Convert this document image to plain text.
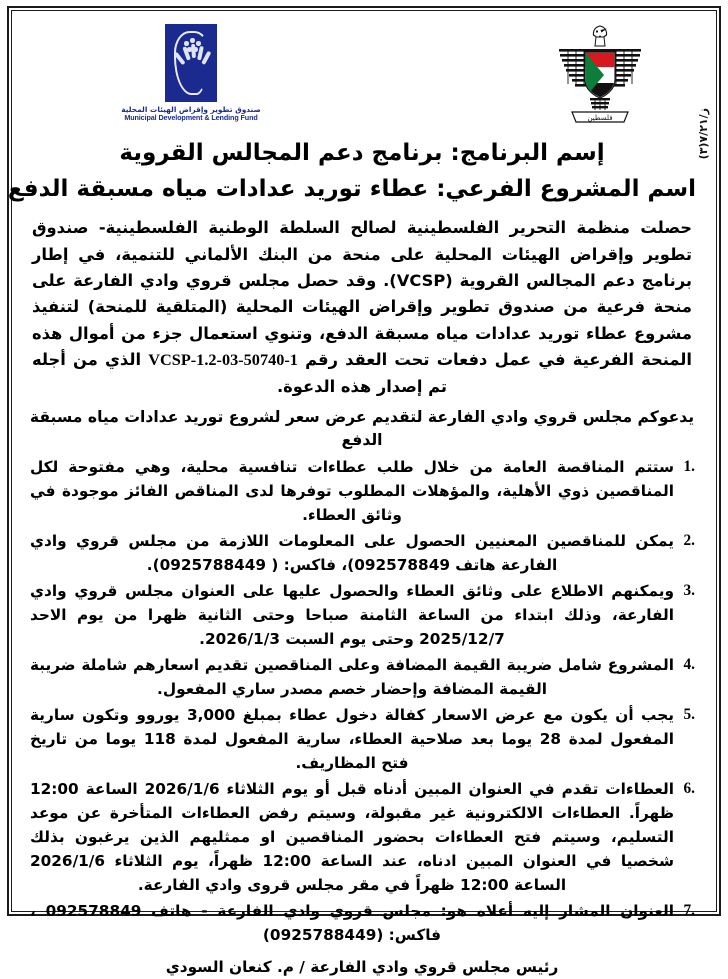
صندوق تطوير وإقراض الهيئات المحلية
Municipal Development & Lending Fund	فلسطين
ز/٧/٢١(٣)
إسم البرنامج: برنامج دعم المجالس القروية
اسم المشروع الفرعي: عطاء توريد عدادات مياه مسبقة الدفع

حصلت منظمة التحرير الفلسطينية لصالح السلطة الوطنية الفلسطينية- صندوق تطوير وإقراض الهيئات المحلية على منحة من البنك الألماني للتنمية، في إطار برنامج دعم المجالس القروية (VCSP). وقد حصل مجلس قروي وادي الفارعة على منحة فرعية من صندوق تطوير وإقراض الهيئات المحلية (المتلقية للمنحة) لتنفيذ مشروع عطاء توريد عدادات مياه مسبقة الدفع، وتنوي استعمال جزء من أموال هذه المنحة الفرعية في عمل دفعات تحت العقد رقم VCSP-1.2-03-50740-1 الذي من أجله تم إصدار هذه الدعوة.

يدعوكم مجلس قروي وادي الفارعة لتقديم عرض سعر لشروع توريد عدادات مياه مسبقة الدفع

ستتم المناقصة العامة من خلال طلب عطاءات تنافسية محلية، وهي مفتوحة لكل المناقصين ذوي الأهلية، والمؤهلات المطلوب توفرها لدى المناقص الفائز موجودة في وثائق العطاء.
يمكن للمناقصين المعنيين الحصول على المعلومات اللازمة من مجلس قروي وادي الفارعة هاتف 092578849)، فاكس: ( 0925788449).
ويمكنهم الاطلاع على وثائق العطاء والحصول عليها على العنوان مجلس قروي وادي الفارعة، وذلك ابتداء من الساعة الثامنة صباحا وحتى الثانية ظهرا من يوم الاحد 2025/12/7 وحتى يوم السبت 2026/1/3.
المشروع شامل ضريبة القيمة المضافة وعلى المناقصين تقديم اسعارهم شاملة ضريبة القيمة المضافة وإحضار خصم مصدر ساري المفعول.
يجب أن يكون مع عرض الاسعار كفالة دخول عطاء بمبلغ 3,000 يوروو وتكون سارية المفعول لمدة 28 يوما بعد صلاحية العطاء، سارية المفعول لمدة 118 يوما من تاريخ فتح المظاريف.
العطاءات تقدم في العنوان المبين أدناه قبل أو يوم الثلاثاء 2026/1/6 الساعة 12:00 ظهراً. العطاءات الالكترونية غير مقبولة، وسيتم رفض العطاءات المتأخرة عن موعد التسليم، وسيتم فتح العطاءات بحضور المناقصين او ممثليهم الذين يرغبون بذلك شخصيا في العنوان المبين ادناه، عند الساعة 12:00 ظهراً، يوم الثلاثاء 2026/1/6 الساعة 12:00 ظهراً في مقر مجلس قروى وادي الفارعة.
العنوان المشار إليه أعلاه هو: مجلس قروي وادي الفارعة - هاتف 092578849 ، فاكس: (0925788449)
رئيس مجلس قروي وادي الفارعة / م. كنعان السودي
